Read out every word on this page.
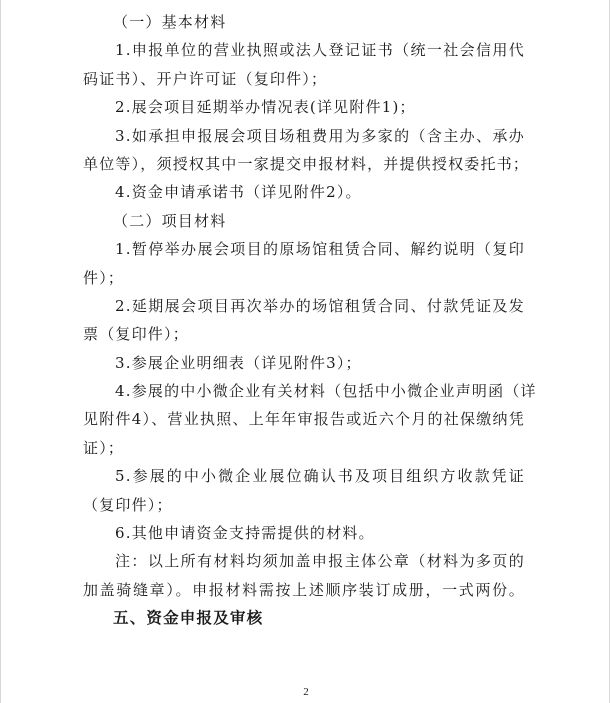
（一）基本材料
1.申报单位的营业执照或法人登记证书（统一社会信用代
码证书）、开户许可证（复印件）；
2.展会项目延期举办情况表(详见附件1)；
3.如承担申报展会项目场租费用为多家的（含主办、承办
单位等），须授权其中一家提交申报材料，并提供授权委托书；
4.资金申请承诺书（详见附件2）。
（二）项目材料
1.暂停举办展会项目的原场馆租赁合同、解约说明（复印
件）；
2.延期展会项目再次举办的场馆租赁合同、付款凭证及发
票（复印件）；
3.参展企业明细表（详见附件3）；
4.参展的中小微企业有关材料（包括中小微企业声明函（详
见附件4）、营业执照、上年年审报告或近六个月的社保缴纳凭
证）；
5.参展的中小微企业展位确认书及项目组织方收款凭证
（复印件）；
6.其他申请资金支持需提供的材料。
注：以上所有材料均须加盖申报主体公章（材料为多页的
加盖骑缝章）。申报材料需按上述顺序装订成册，一式两份。
五、资金申报及审核
2
